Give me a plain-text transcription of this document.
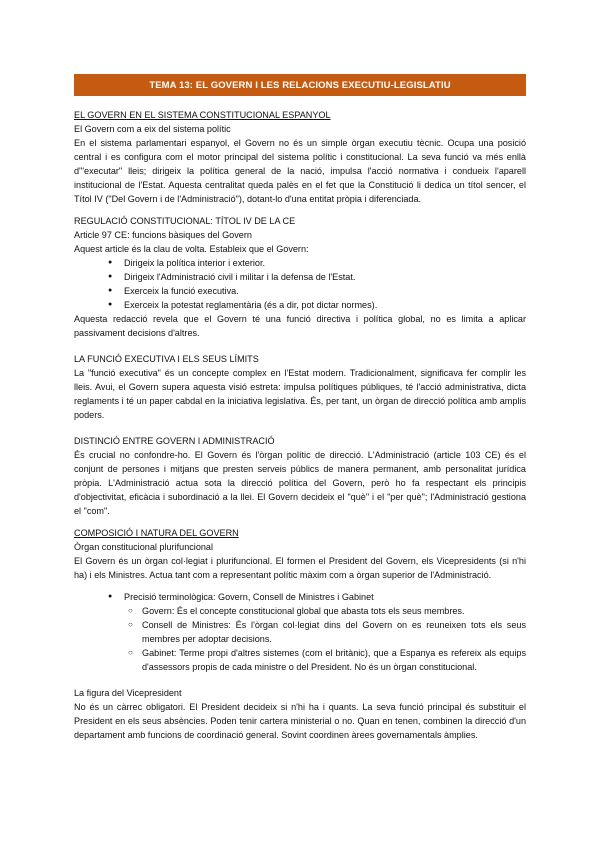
TEMA 13: EL GOVERN I LES RELACIONS EXECUTIU-LEGISLATIU
EL GOVERN EN EL SISTEMA CONSTITUCIONAL ESPANYOL
El Govern com a eix del sistema polític

En el sistema parlamentari espanyol, el Govern no és un simple òrgan executiu tècnic. Ocupa una posició central i es configura com el motor principal del sistema polític i constitucional. La seva funció va més enllà d'"executar" lleis; dirigeix la política general de la nació, impulsa l'acció normativa i condueix l'aparell institucional de l'Estat. Aquesta centralitat queda palès en el fet que la Constitució li dedica un títol sencer, el Títol IV ("Del Govern i de l'Administració"), dotant-lo d'una entitat pròpia i diferenciada.

REGULACIÓ CONSTITUCIONAL: TÍTOL IV DE LA CE
Article 97 CE: funcions bàsiques del Govern

Aquest article és la clau de volta. Estableix que el Govern:

● Dirigeix la política interior i exterior.
● Dirigeix l'Administració civil i militar i la defensa de l'Estat.
● Exerceix la funció executiva.
● Exerceix la potestat reglamentària (és a dir, pot dictar normes).

Aquesta redacció revela que el Govern té una funció directiva i política global, no es limita a aplicar passivament decisions d'altres.

LA FUNCIÓ EXECUTIVA I ELS SEUS LÍMITS

La "funció executiva" és un concepte complex en l'Estat modern. Tradicionalment, significava fer complir les lleis. Avui, el Govern supera aquesta visió estreta: impulsa polítiques públiques, té l'acció administrativa, dicta reglaments i té un paper cabdal en la iniciativa legislativa. És, per tant, un òrgan de direcció política amb amplis poders.

DISTINCIÓ ENTRE GOVERN I ADMINISTRACIÓ

És crucial no confondre-ho. El Govern és l'òrgan polític de direcció. L'Administració (article 103 CE) és el conjunt de persones i mitjans que presten serveis públics de manera permanent, amb personalitat jurídica pròpia. L'Administració actua sota la direcció política del Govern, però ho fa respectant els principis d'objectivitat, eficàcia i subordinació a la llei. El Govern decideix el "què" i el "per què"; l'Administració gestiona el "com".

COMPOSICIÓ I NATURA DEL GOVERN
Òrgan constitucional plurifuncional

El Govern és un òrgan col·legiat i plurifuncional. El formen el President del Govern, els Vicepresidents (si n'hi ha) i els Ministres. Actua tant com a representant polític màxim com a òrgan superior de l'Administració.

● Precisió terminològica: Govern, Consell de Ministres i Gabinet
○ Govern: És el concepte constitucional global que abasta tots els seus membres.
○ Consell de Ministres: És l'òrgan col·legiat dins del Govern on es reuneixen tots els seus membres per adoptar decisions.
○ Gabinet: Terme propi d'altres sistemes (com el britànic), que a Espanya es refereix als equips d'assessors propis de cada ministre o del President. No és un òrgan constitucional.
La figura del Vicepresident

No és un càrrec obligatori. El President decideix si n'hi ha i quants. La seva funció principal és substituir el President en els seus absències. Poden tenir cartera ministerial o no. Quan en tenen, combinen la direcció d'un departament amb funcions de coordinació general. Sovint coordinen àrees governamentals àmplies.
